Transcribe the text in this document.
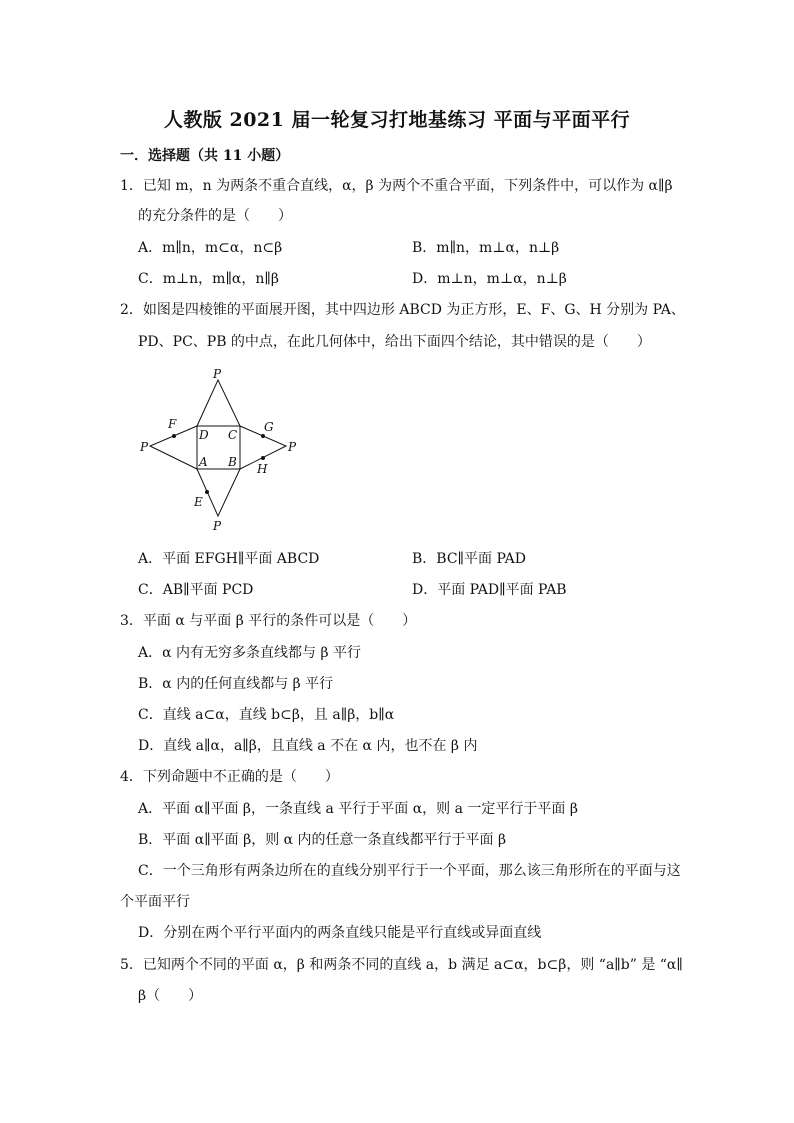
人教版 2021 届一轮复习打地基练习 平面与平面平行
一．选择题（共 11 小题）
1．已知 m，n 为两条不重合直线，α，β 为两个不重合平面，下列条件中，可以作为 α∥β
的充分条件的是（　　）
A．m∥n，m⊂α，n⊂β	B．m∥n，m⊥α，n⊥β
C．m⊥n，m∥α，n∥β	D．m⊥n，m⊥α，n⊥β
2．如图是四棱锥的平面展开图，其中四边形 ABCD 为正方形，E、F、G、H 分别为 PA、
PD、PC、PB 的中点，在此几何体中，给出下面四个结论，其中错误的是（　　）
P
P	P
P
D C
A B
F	G
H
E
A．平面 EFGH∥平面 ABCD	B．BC∥平面 PAD
C．AB∥平面 PCD	D．平面 PAD∥平面 PAB
3．平面 α 与平面 β 平行的条件可以是（　　）
A．α 内有无穷多条直线都与 β 平行
B．α 内的任何直线都与 β 平行
C．直线 a⊂α，直线 b⊂β，且 a∥β，b∥α
D．直线 a∥α，a∥β，且直线 a 不在 α 内，也不在 β 内
4．下列命题中不正确的是（　　）
A．平面 α∥平面 β，一条直线 a 平行于平面 α，则 a 一定平行于平面 β
B．平面 α∥平面 β，则 α 内的任意一条直线都平行于平面 β
C．一个三角形有两条边所在的直线分别平行于一个平面，那么该三角形所在的平面与这
个平面平行
D．分别在两个平行平面内的两条直线只能是平行直线或异面直线
5．已知两个不同的平面 α，β 和两条不同的直线 a，b 满足 a⊂α，b⊂β，则 “a∥b” 是 “α∥
β（　　）
